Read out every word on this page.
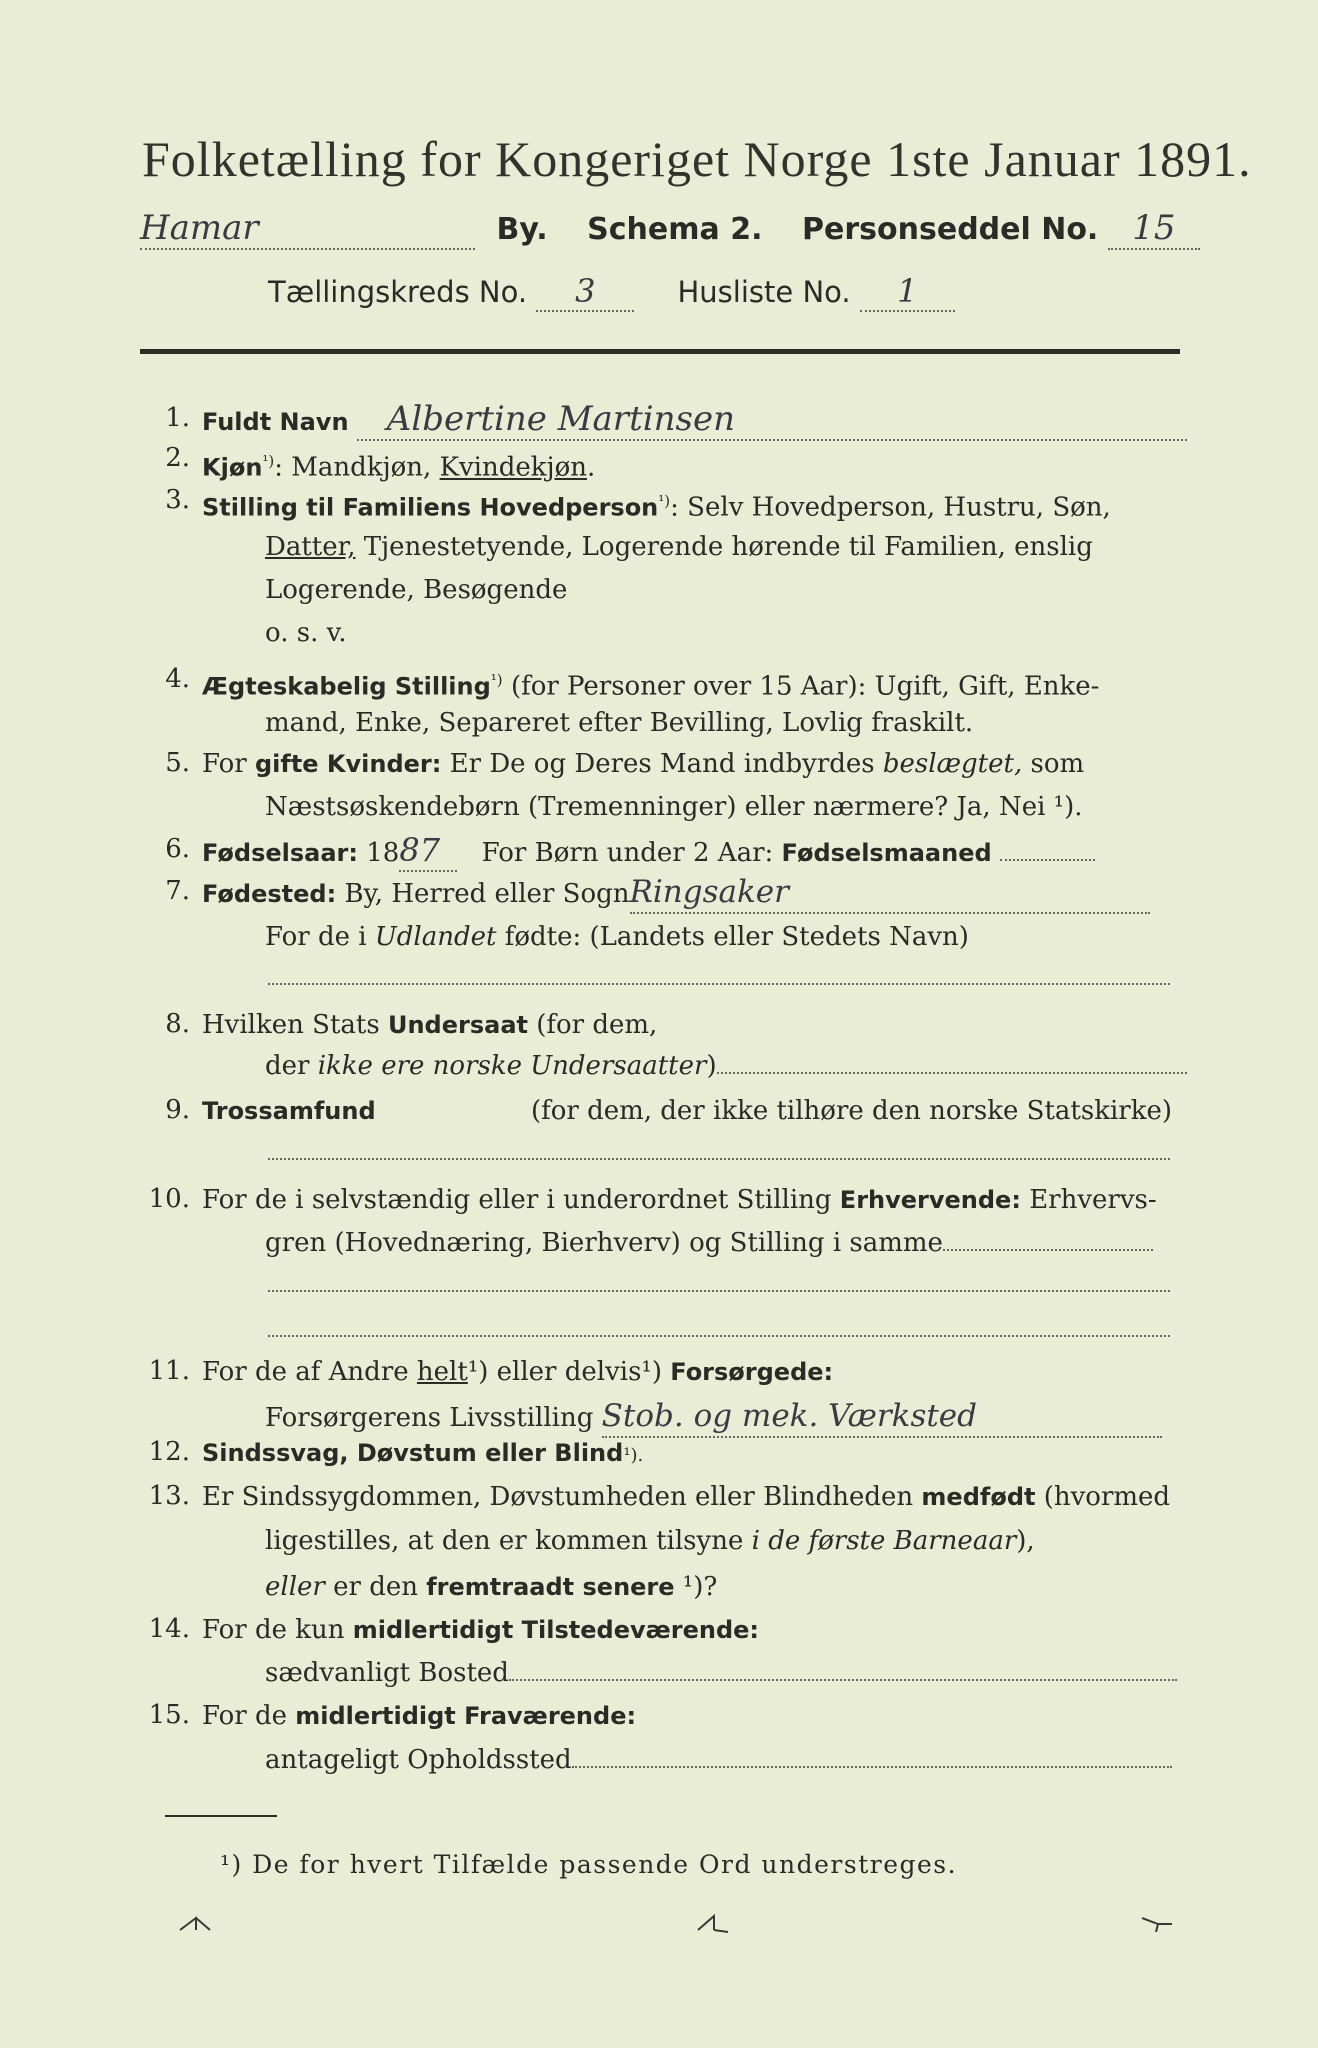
Folketælling for Kongeriget Norge 1ste Januar 1891.
Hamar	By. Schema 2. Personseddel No. 15
Tællingskreds No. 3	Husliste No. 1
1. Fuldt Navn Albertine Martinsen
2. Kjøn$^{^1)}$: Mandkjøn, Kvindekjøn.
3. Stilling til Familiens Hovedperson$^{^1)}$: Selv Hovedperson, Hustru, Søn,
Datter, Tjenestetyende, Logerende hørende til Familien, enslig
Logerende, Besøgende
o. s. v.
4. Ægteskabelig Stilling$^{^1)}$ (for Personer over 15 Aar): Ugift, Gift, Enke-
mand, Enke, Separeret efter Bevilling, Lovlig fraskilt.
5. For gifte Kvinder: Er De og Deres Mand indbyrdes beslægtet, som
Næstsøskendebørn (Tremenninger) eller nærmere? Ja, Nei ¹).
6. Fødselsaar: 1887 For Børn under 2 Aar: Fødselsmaaned
7. Fødested: By, Herred eller SognRingsaker
For de i Udlandet fødte: (Landets eller Stedets Navn)
8. Hvilken Stats Undersaat (for dem,
der ikke ere norske Undersaatter)
9. Trossamfund	(for dem, der ikke tilhøre den norske Statskirke)
10. For de i selvstændig eller i underordnet Stilling Erhvervende: Erhvervs-
gren (Hovednæring, Bierhverv) og Stilling i samme
11. For de af Andre helt¹) eller delvis¹) Forsørgede:
Forsørgerens Livsstilling Stob. og mek. Værksted
12. Sindssvag, Døvstum eller Blind¹).
13. Er Sindssygdommen, Døvstumheden eller Blindheden medfødt (hvormed
ligestilles, at den er kommen tilsyne i de første Barneaar),
eller er den fremtraadt senere ¹)?
14. For de kun midlertidigt Tilstedeværende:
sædvanligt Bosted
15. For de midlertidigt Fraværende:
antageligt Opholdssted
¹) De for hvert Tilfælde passende Ord understreges.
